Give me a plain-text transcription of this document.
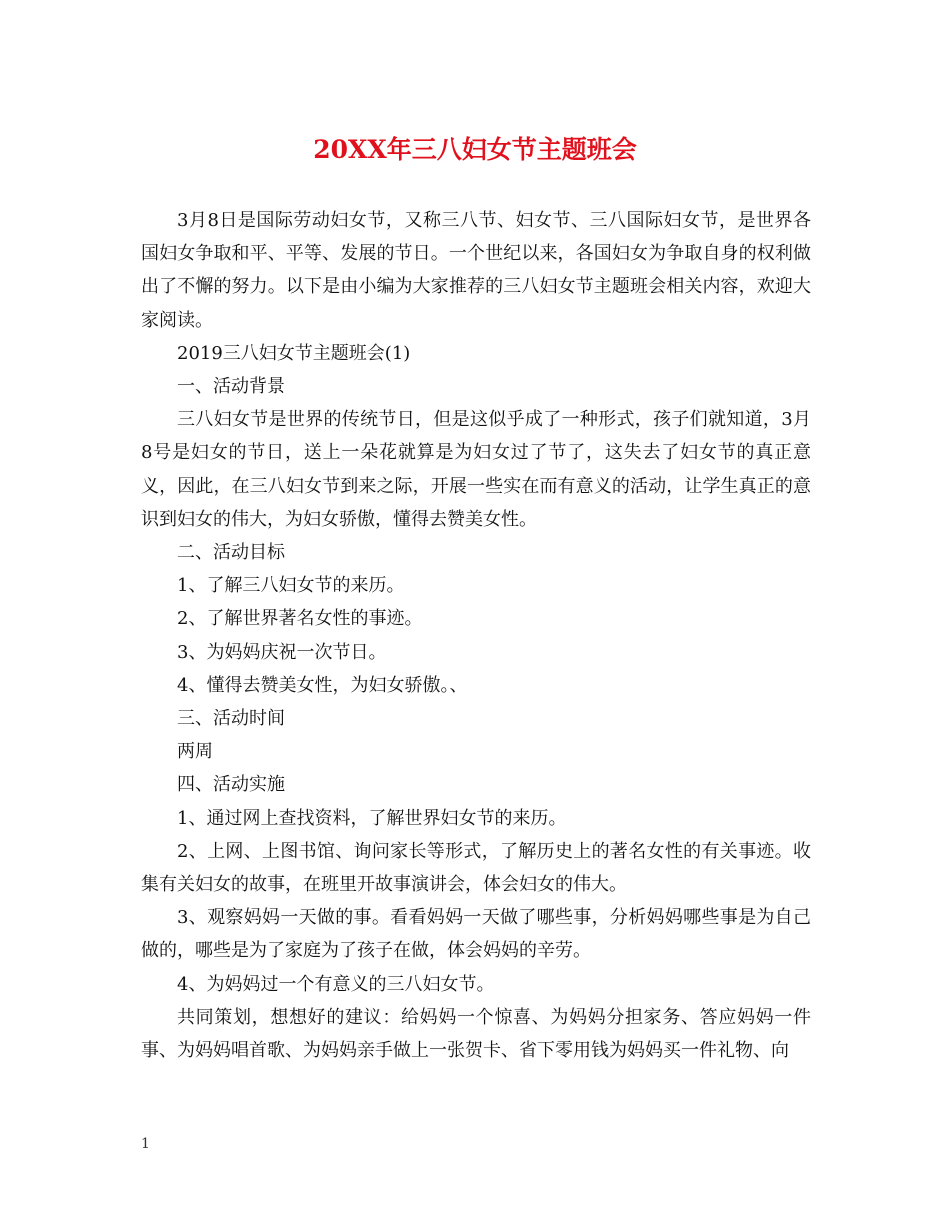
20XX年三八妇女节主题班会

3月8日是国际劳动妇女节，又称三八节、妇女节、三八国际妇女节，是世界各国妇女争取和平、平等、发展的节日。一个世纪以来，各国妇女为争取自身的权利做出了不懈的努力。以下是由小编为大家推荐的三八妇女节主题班会相关内容，欢迎大家阅读。

2019三八妇女节主题班会(1)

一、活动背景

三八妇女节是世界的传统节日，但是这似乎成了一种形式，孩子们就知道，3月8号是妇女的节日，送上一朵花就算是为妇女过了节了，这失去了妇女节的真正意义，因此，在三八妇女节到来之际，开展一些实在而有意义的活动，让学生真正的意识到妇女的伟大，为妇女骄傲，懂得去赞美女性。

二、活动目标

1、了解三八妇女节的来历。

2、了解世界著名女性的事迹。

3、为妈妈庆祝一次节日。

4、懂得去赞美女性，为妇女骄傲。、

三、活动时间

两周

四、活动实施

1、通过网上查找资料，了解世界妇女节的来历。

2、上网、上图书馆、询问家长等形式，了解历史上的著名女性的有关事迹。收集有关妇女的故事，在班里开故事演讲会，体会妇女的伟大。

3、观察妈妈一天做的事。看看妈妈一天做了哪些事，分析妈妈哪些事是为自己做的，哪些是为了家庭为了孩子在做，体会妈妈的辛劳。

4、为妈妈过一个有意义的三八妇女节。

共同策划，想想好的建议：给妈妈一个惊喜、为妈妈分担家务、答应妈妈一件事、为妈妈唱首歌、为妈妈亲手做上一张贺卡、省下零用钱为妈妈买一件礼物、向

1
